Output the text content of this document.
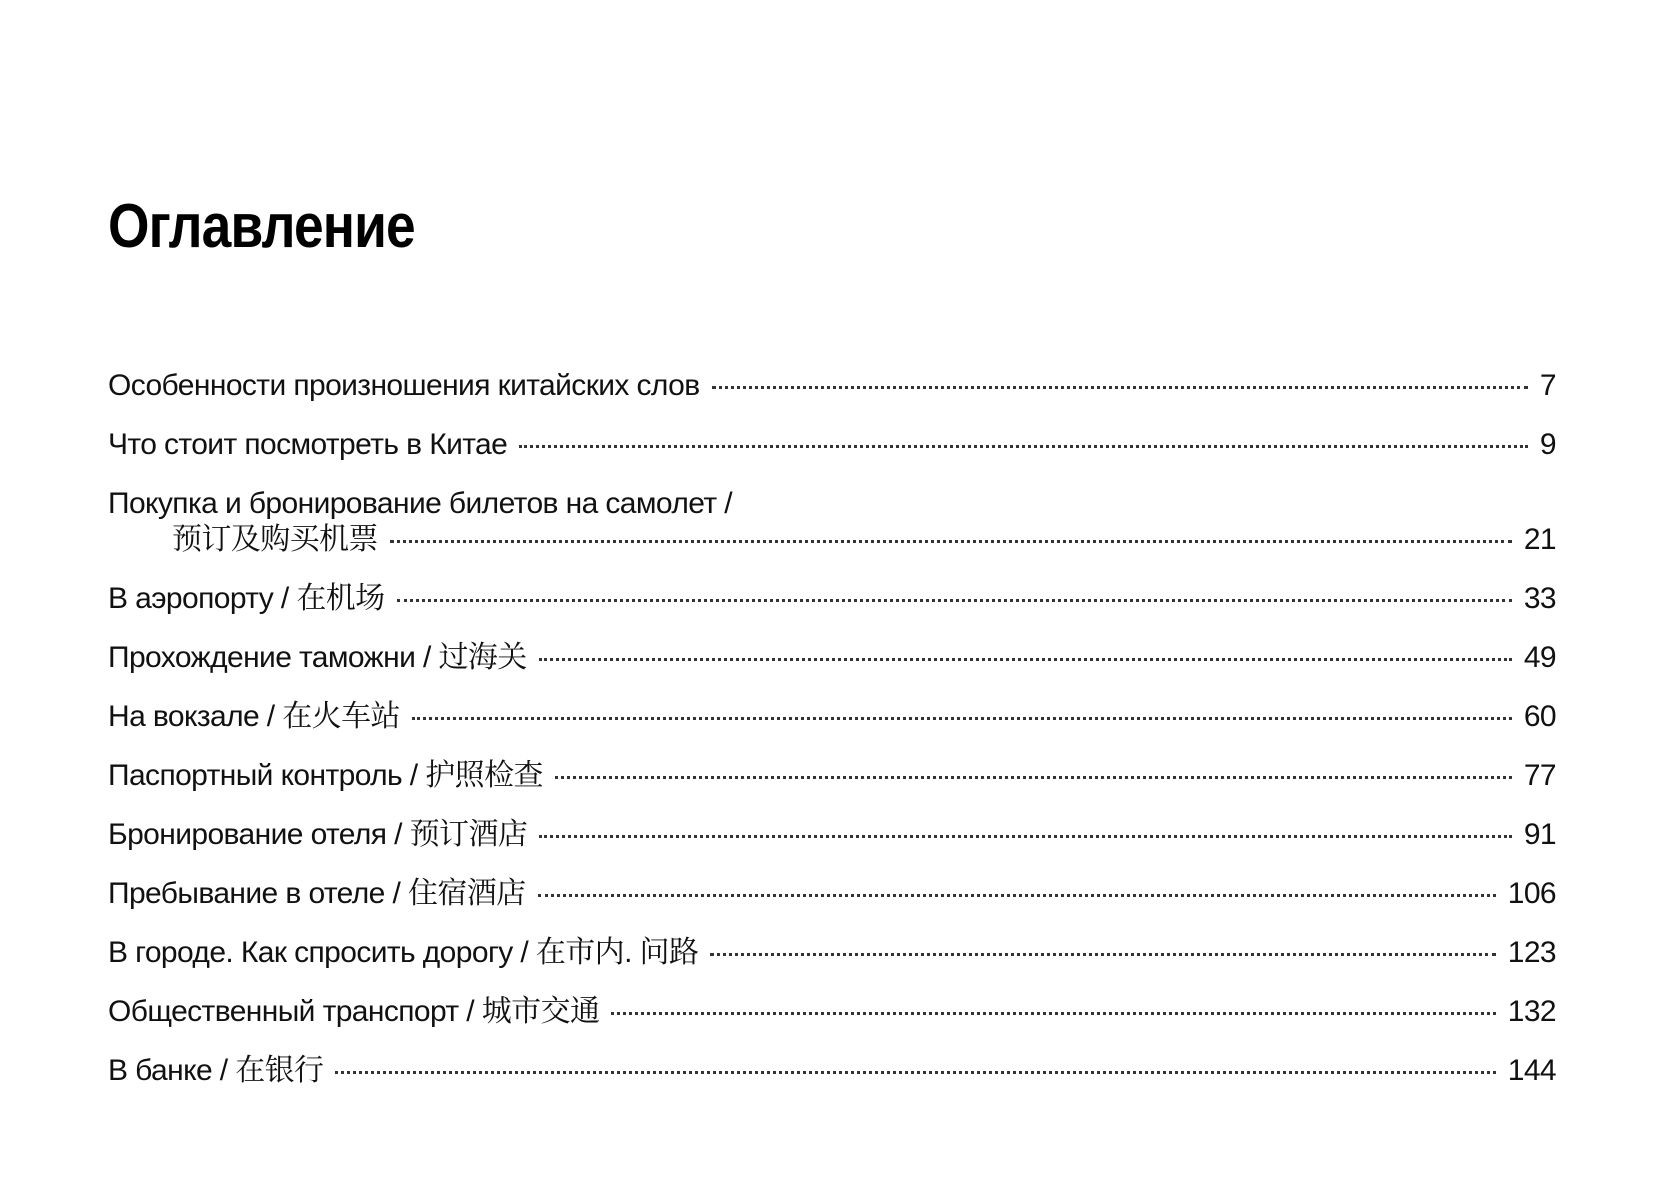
Оглавление
Особенности произношения китайских слов	7
Что стоит посмотреть в Китае	9
Покупка и бронирование билетов на самолет /
预订及购买机票	21
В аэропорту / 在机场	33
Прохождение таможни / 过海关	49
На вокзале / 在火车站	60
Паспортный контроль / 护照检查	77
Бронирование отеля / 预订酒店	91
Пребывание в отеле / 住宿酒店	106
В городе. Как спросить дорогу / 在市内. 问路	123
Общественный транспорт / 城市交通	132
В банке / 在银行	144
